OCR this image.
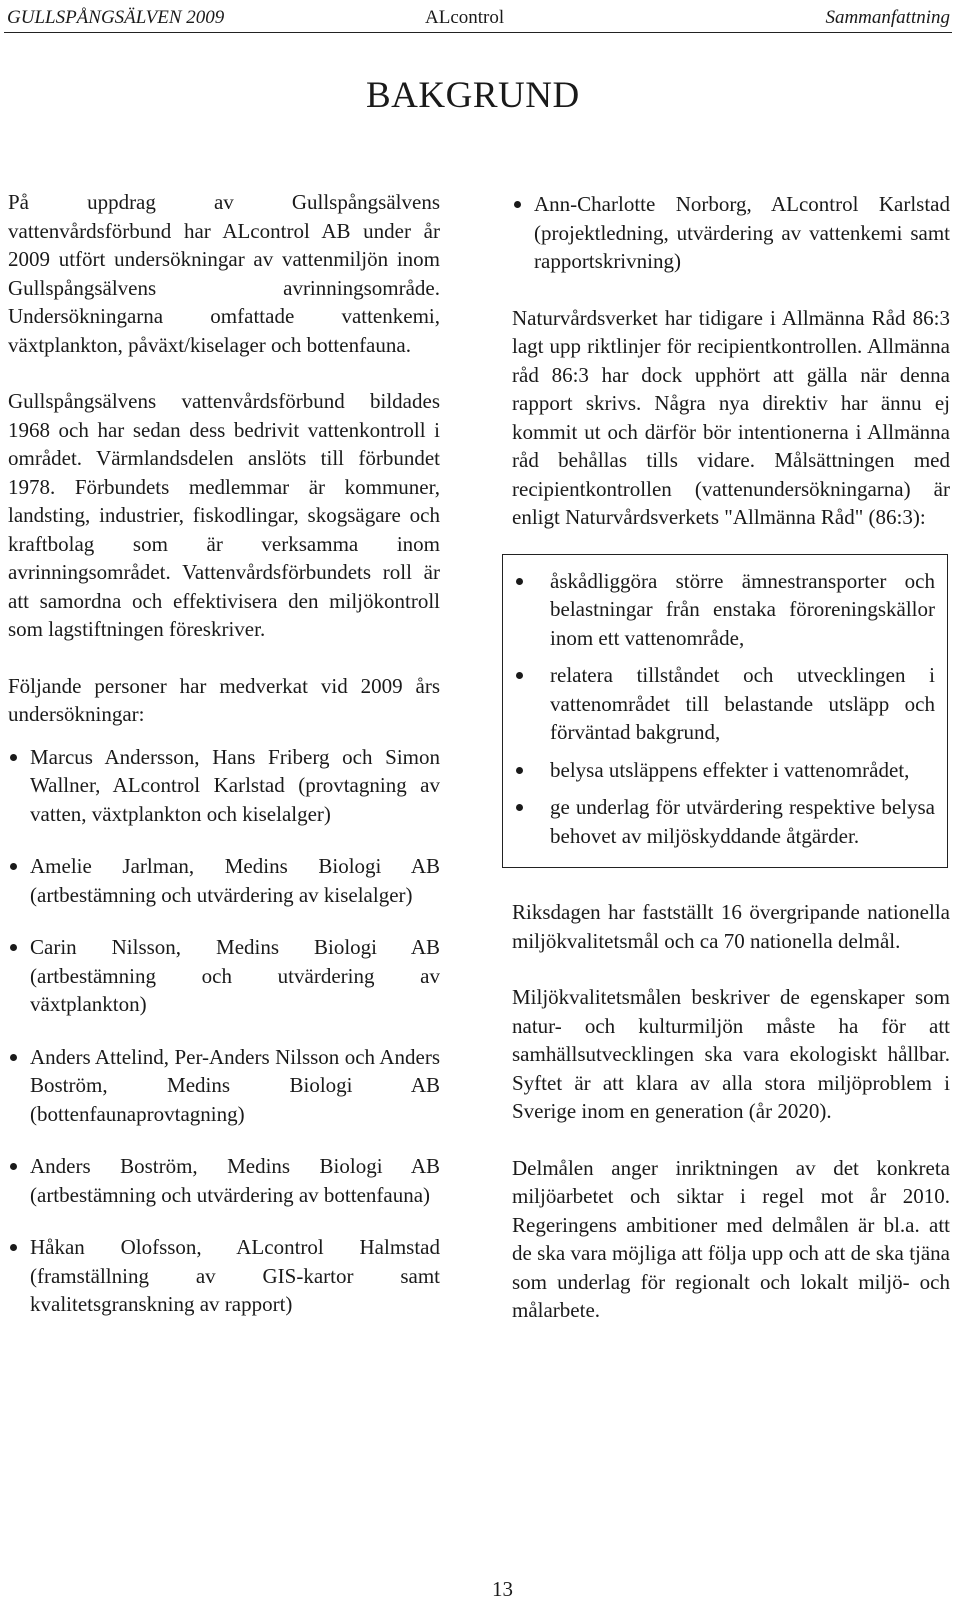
GULLSPÅNGSÄLVEN 2009	ALcontrol	Sammanfattning
BAKGRUND

På uppdrag av Gullspångsälvens vattenvårdsförbund har ALcontrol AB under år 2009 utfört undersökningar av vattenmiljön inom Gullspångsälvens avrinningsområde. Undersökningarna omfattade vattenkemi, växtplankton, påväxt/kiselager och bottenfauna.

Gullspångsälvens vattenvårdsförbund bildades 1968 och har sedan dess bedrivit vattenkontroll i området. Värmlandsdelen anslöts till förbundet 1978. Förbundets medlemmar är kommuner, landsting, industrier, fiskodlingar, skogsägare och kraftbolag som är verksamma inom avrinningsområdet. Vattenvårdsförbundets roll är att samordna och effektivisera den miljökontroll som lagstiftningen föreskriver.

Följande personer har medverkat vid 2009 års undersökningar:

Marcus Andersson, Hans Friberg och Simon Wallner, ALcontrol Karlstad (provtagning av vatten, växtplankton och kiselalger)
Amelie Jarlman, Medins Biologi AB (artbestämning och utvärdering av kiselalger)
Carin Nilsson, Medins Biologi AB (artbestämning och utvärdering av växtplankton)
Anders Attelind, Per-Anders Nilsson och Anders Boström, Medins Biologi AB (bottenfaunaprovtagning)
Anders Boström, Medins Biologi AB (artbestämning och utvärdering av bottenfauna)
Håkan Olofsson, ALcontrol Halmstad (framställning av GIS-kartor samt kvalitetsgranskning av rapport)
Ann-Charlotte Norborg, ALcontrol Karlstad (projektledning, utvärdering av vattenkemi samt rapportskrivning)

Naturvårdsverket har tidigare i Allmänna Råd 86:3 lagt upp riktlinjer för recipientkontrollen. Allmänna råd 86:3 har dock upphört att gälla när denna rapport skrivs. Några nya direktiv har ännu ej kommit ut och därför bör intentionerna i Allmänna råd behållas tills vidare. Målsättningen med recipientkontrollen (vattenundersökningarna) är enligt Naturvårdsverkets "Allmänna Råd" (86:3):

åskådliggöra större ämnestransporter och belastningar från enstaka föroreningskällor inom ett vattenområde,
relatera tillståndet och utvecklingen i vattenområdet till belastande utsläpp och förväntad bakgrund,
belysa utsläppens effekter i vattenområdet,
ge underlag för utvärdering respektive belysa behovet av miljöskyddande åtgärder.

Riksdagen har fastställt 16 övergripande nationella miljökvalitetsmål och ca 70 nationella delmål.

Miljökvalitetsmålen beskriver de egenskaper som natur- och kulturmiljön måste ha för att samhällsutvecklingen ska vara ekologiskt hållbar. Syftet är att klara av alla stora miljöproblem i Sverige inom en generation (år 2020).

Delmålen anger inriktningen av det konkreta miljöarbetet och siktar i regel mot år 2010. Regeringens ambitioner med delmålen är bl.a. att de ska vara möjliga att följa upp och att de ska tjäna som underlag för regionalt och lokalt miljö- och målarbete.

13
